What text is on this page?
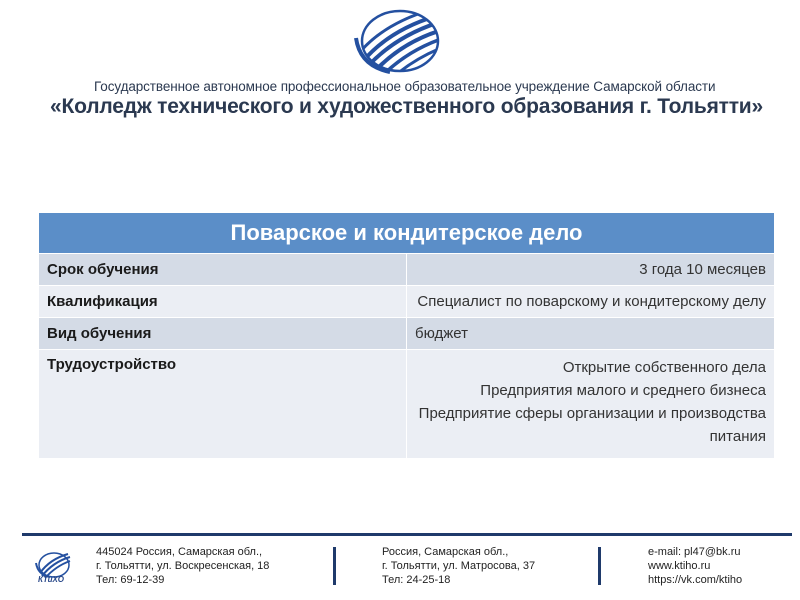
Государственное автономное профессиональное образовательное учреждение Самарской области
«Колледж технического и художественного образования г. Тольятти»
Поварское и кондитерское дело	
Срок обучения	3 года 10 месяцев
Квалификация	Специалист по поварскому и кондитерскому делу
Вид обучения	бюджет
Трудоустройство	Открытие собственного дела
Предприятия малого и среднего бизнеса
Предприятие сферы организации и производства
питания
КТиХО
445024 Россия, Самарская обл.,
г. Тольятти, ул. Воскресенская, 18
Тел: 69-12-39
Россия, Самарская обл.,
г. Тольятти, ул. Матросова, 37
Тел: 24-25-18
e-mail: pl47@bk.ru
www.ktiho.ru
https://vk.com/ktiho
